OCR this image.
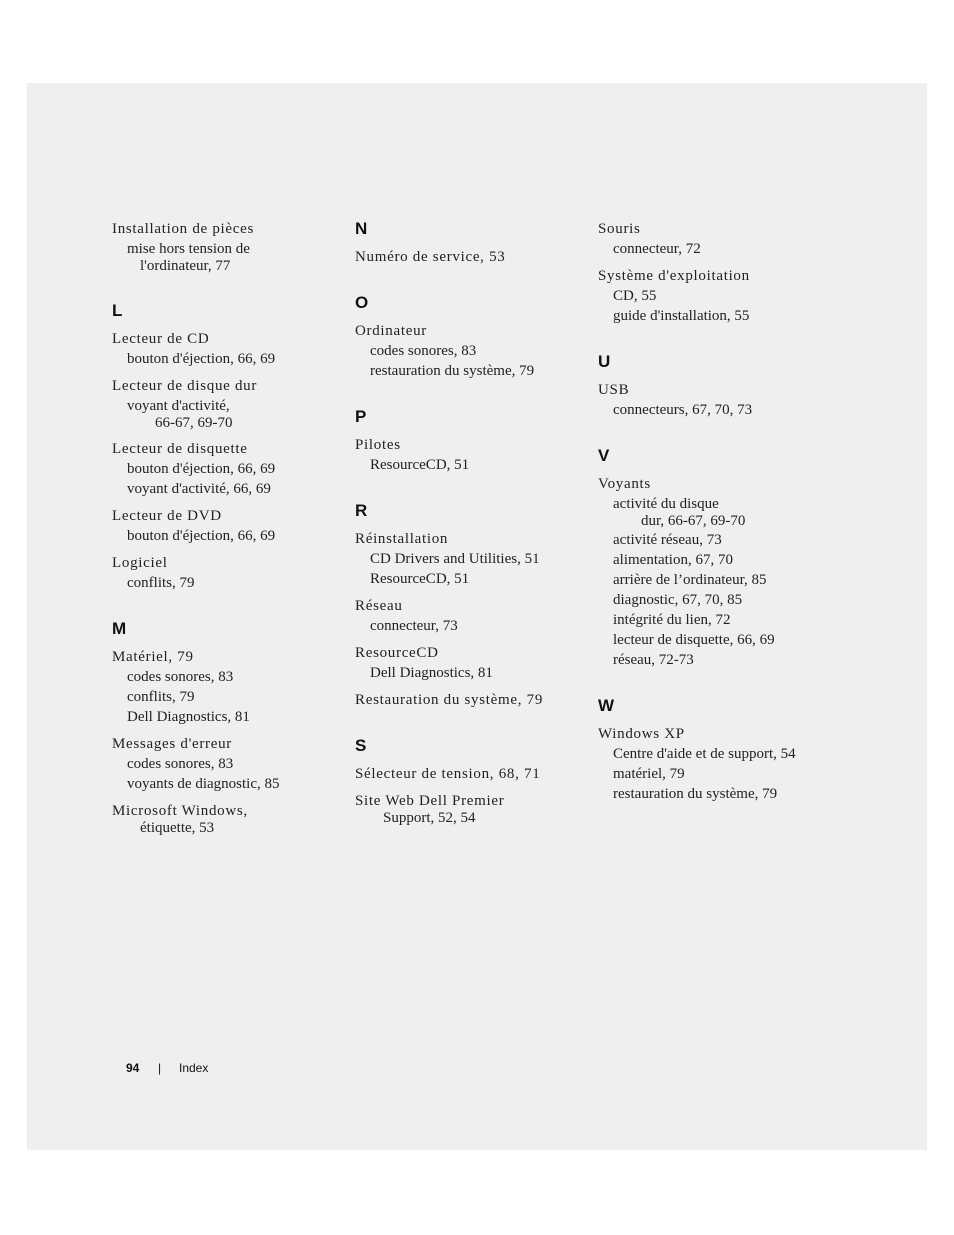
Installation de pièces
mise hors tension de
l'ordinateur, 77
L
Lecteur de CD
bouton d'éjection, 66, 69
Lecteur de disque dur
voyant d'activité,
66-67, 69-70
Lecteur de disquette
bouton d'éjection, 66, 69
voyant d'activité, 66, 69
Lecteur de DVD
bouton d'éjection, 66, 69
Logiciel
conflits, 79
M
Matériel, 79
codes sonores, 83
conflits, 79
Dell Diagnostics, 81
Messages d'erreur
codes sonores, 83
voyants de diagnostic, 85
Microsoft Windows,
étiquette, 53
N
Numéro de service, 53
O
Ordinateur
codes sonores, 83
restauration du système, 79
P
Pilotes
ResourceCD, 51
R
Réinstallation
CD Drivers and Utilities, 51
ResourceCD, 51
Réseau
connecteur, 73
ResourceCD
Dell Diagnostics, 81
Restauration du système, 79
S
Sélecteur de tension, 68, 71
Site Web Dell Premier
Support, 52, 54
Souris
connecteur, 72
Système d'exploitation
CD, 55
guide d'installation, 55
U
USB
connecteurs, 67, 70, 73
V
Voyants
activité du disque
dur, 66-67, 69-70
activité réseau, 73
alimentation, 67, 70
arrière de l’ordinateur, 85
diagnostic, 67, 70, 85
intégrité du lien, 72
lecteur de disquette, 66, 69
réseau, 72-73
W
Windows XP
Centre d'aide et de support, 54
matériel, 79
restauration du système, 79
94 | Index
